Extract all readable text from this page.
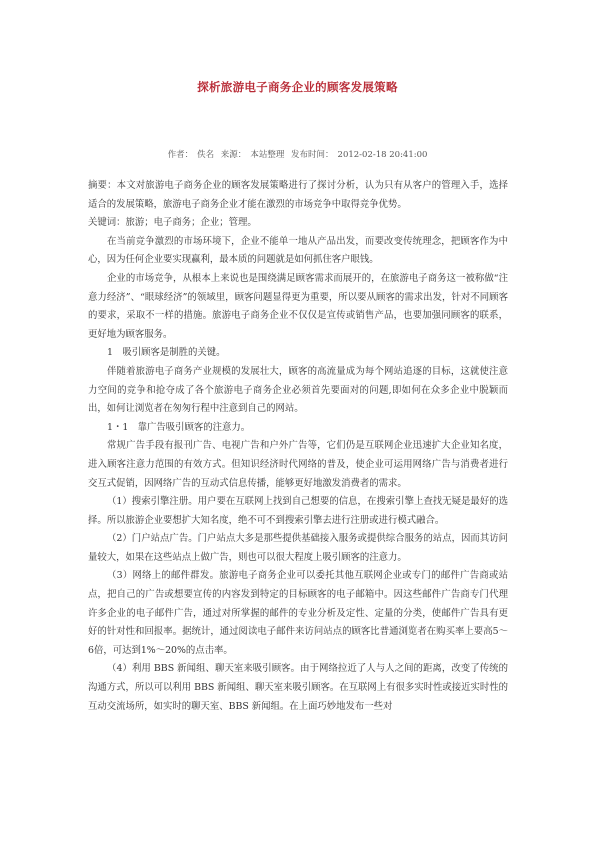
探析旅游电子商务企业的顾客发展策略
作者： 佚名 来源： 本站整理 发布时间： 2012-02-18 20:41:00

摘要：本文对旅游电子商务企业的顾客发展策略进行了探讨分析，认为只有从客户的管理入手，选择适合的发展策略，旅游电子商务企业才能在激烈的市场竞争中取得竞争优势。

关键词：旅游；电子商务；企业；管理。

在当前竞争激烈的市场环境下，企业不能单一地从产品出发，而要改变传统理念，把顾客作为中心，因为任何企业要实现赢利，最本质的问题就是如何抓住客户眼钱。

企业的市场竞争，从根本上来说也是围绕满足顾客需求而展开的，在旅游电子商务这一被称做“注意力经济”、“眼球经济”的领域里，顾客问题显得更为重要，所以要从顾客的需求出发，针对不同顾客的要求，采取不一样的措施。旅游电子商务企业不仅仅是宣传或销售产品，也要加强同顾客的联系，更好地为顾客服务。

1　吸引顾客是制胜的关键。

伴随着旅游电子商务产业规模的发展壮大，顾客的高流量成为每个网站追逐的目标，这就使注意力空间的竞争和抢夺成了各个旅游电子商务企业必须首先要面对的问题,即如何在众多企业中脱颖而出，如何让浏览者在匆匆行程中注意到自己的网站。

1・1　靠广告吸引顾客的注意力。

常规广告手段有报刊广告、电视广告和户外广告等，它们仍是互联网企业迅速扩大企业知名度，进入顾客注意力范围的有效方式。但知识经济时代网络的普及，使企业可运用网络广告与消费者进行交互式促销，因网络广告的互动式信息传播，能够更好地激发消费者的需求。

（1）搜索引擎注册。用户要在互联网上找到自己想要的信息，在搜索引擎上查找无疑是最好的选择。所以旅游企业要想扩大知名度，绝不可不到搜索引擎去进行注册或进行模式融合。

（2）门户站点广告。门户站点大多是那些提供基础接入服务或提供综合服务的站点，因而其访问量较大，如果在这些站点上做广告，则也可以很大程度上吸引顾客的注意力。

（3）网络上的邮件群发。旅游电子商务企业可以委托其他互联网企业或专门的邮件广告商或站点，把自己的广告或想要宣传的内容发到特定的目标顾客的电子邮箱中。因这些邮件广告商专门代理许多企业的电子邮件广告，通过对所掌握的邮件的专业分析及定性、定量的分类，使邮件广告具有更好的针对性和回报率。据统计，通过阅读电子邮件来访问站点的顾客比普通浏览者在购买率上要高5～6倍，可达到1%～20%的点击率。

（4）利用 BBS 新闻组、聊天室来吸引顾客。由于网络拉近了人与人之间的距离，改变了传统的沟通方式，所以可以利用 BBS 新闻组、聊天室来吸引顾客。在互联网上有很多实时性或接近实时性的互动交流场所，如实时的聊天室、BBS 新闻组。在上面巧妙地发布一些对
